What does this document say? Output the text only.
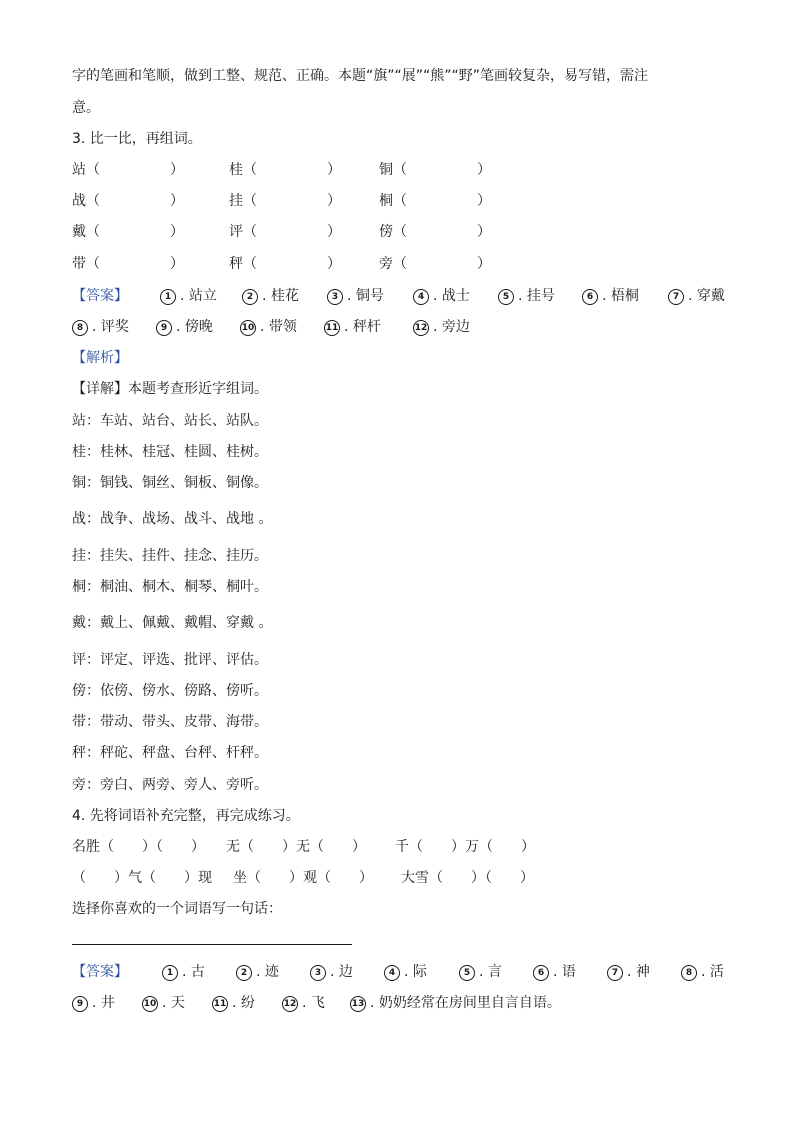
字的笔画和笔顺，做到工整、规范、正确。本题“旗”“展”“熊”“野”笔画较复杂，易写错，需注
意。
3. 比一比，再组词。
站（　　　　　）	桂（　　　　　）	铜（　　　　　）
战（　　　　　）	挂（　　　　　）	桐（　　　　　）
戴（　　　　　）	评（　　　　　）	傍（　　　　　）
带（　　　　　）	秤（　　　　　）	旁（　　　　　）
【答案】	1 . 站立	2 . 桂花	3 . 铜号	4 . 战士	5 . 挂号	6 . 梧桐	7 . 穿戴
8 . 评奖	9 . 傍晚	10 . 带领	11 . 秤杆	12 . 旁边
【解析】
【详解】本题考查形近字组词。
站：车站、站台、站长、站队。
桂：桂林、桂冠、桂圆、桂树。
铜：铜钱、铜丝、铜板、铜像。
战：战争、战场、战斗、战地 。
挂：挂失、挂件、挂念、挂历。
桐：桐油、桐木、桐琴、桐叶。
戴：戴上、佩戴、戴帽、穿戴 。
评：评定、评选、批评、评估。
傍：依傍、傍水、傍路、傍听。
带：带动、带头、皮带、海带。
秤：秤砣、秤盘、台秤、杆秤。
旁：旁白、两旁、旁人、旁听。
4. 先将词语补充完整，再完成练习。
名胜（　　）（　　） 无（　　）无（　　） 千（　　）万（　　）
（　　）气（　　）现 坐（　　）观（　　） 大雪（　　）（　　）
选择你喜欢的一个词语写一句话：
【答案】	1 . 古	2 . 迹	3 . 边	4 . 际	5 . 言	6 . 语	7 . 神	8 . 活
9 . 井	10 . 天	11 . 纷	12 . 飞	13 . 奶奶经常在房间里自言自语。
